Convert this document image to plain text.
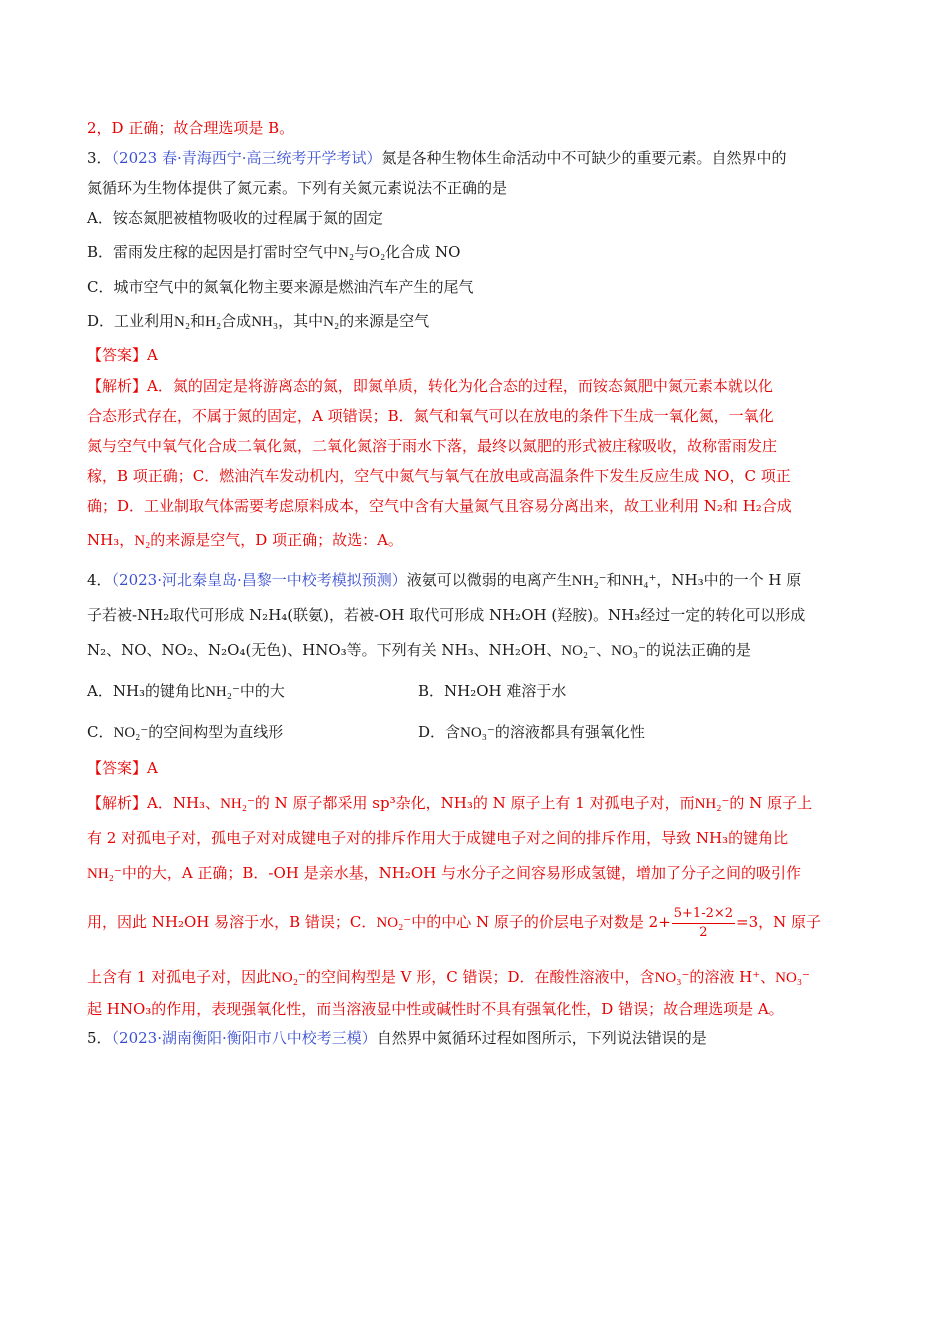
2，D 正确；故合理选项是 B。
3．（2023 春·青海西宁·高三统考开学考试）氮是各种生物体生命活动中不可缺少的重要元素。自然界中的
氮循环为生物体提供了氮元素。下列有关氮元素说法不正确的是
A．铵态氮肥被植物吸收的过程属于氮的固定
B．雷雨发庄稼的起因是打雷时空气中N₂与O₂化合成 NO
C．城市空气中的氮氧化物主要来源是燃油汽车产生的尾气
D．工业利用N₂和H₂合成NH₃，其中N₂的来源是空气
【答案】A
【解析】A．氮的固定是将游离态的氮，即氮单质，转化为化合态的过程，而铵态氮肥中氮元素本就以化
合态形式存在，不属于氮的固定，A 项错误；B．氮气和氧气可以在放电的条件下生成一氧化氮，一氧化
氮与空气中氧气化合成二氧化氮，二氧化氮溶于雨水下落，最终以氮肥的形式被庄稼吸收，故称雷雨发庄
稼，B 项正确；C．燃油汽车发动机内，空气中氮气与氧气在放电或高温条件下发生反应生成 NO，C 项正
确；D．工业制取气体需要考虑原料成本，空气中含有大量氮气且容易分离出来，故工业利用 N₂和 H₂合成
NH₃，N₂的来源是空气，D 项正确；故选：A。
4．（2023·河北秦皇岛·昌黎一中校考模拟预测）液氨可以微弱的电离产生NH₂⁻和NH₄⁺，NH₃中的一个 H 原
子若被-NH₂取代可形成 N₂H₄(联氨)，若被-OH 取代可形成 NH₂OH (羟胺)。NH₃经过一定的转化可以形成
N₂、NO、NO₂、N₂O₄(无色)、HNO₃等。下列有关 NH₃、NH₂OH、NO₂⁻、NO₃⁻的说法正确的是
A．NH₃的键角比NH₂⁻中的大	B．NH₂OH 难溶于水
C．NO₂⁻的空间构型为直线形	D．含NO₃⁻的溶液都具有强氧化性
【答案】A
【解析】A．NH₃、NH₂⁻的 N 原子都采用 sp³杂化，NH₃的 N 原子上有 1 对孤电子对，而NH₂⁻的 N 原子上
有 2 对孤电子对，孤电子对对成键电子对的排斥作用大于成键电子对之间的排斥作用，导致 NH₃的键角比
NH₂⁻中的大，A 正确；B．-OH 是亲水基，NH₂OH 与水分子之间容易形成氢键，增加了分子之间的吸引作
用，因此 NH₂OH 易溶于水，B 错误；C．NO₂⁻中的中心 N 原子的价层电子对数是 $2+ \frac{5+1-2\times 2}{2} =3$，N 原子
上含有 1 对孤电子对，因此NO₂⁻的空间构型是 V 形，C 错误；D．在酸性溶液中，含NO₃⁻的溶液 H⁺、NO₃⁻
起 HNO₃的作用，表现强氧化性，而当溶液显中性或碱性时不具有强氧化性，D 错误；故合理选项是 A。
5．（2023·湖南衡阳·衡阳市八中校考三模）自然界中氮循环过程如图所示，下列说法错误的是
